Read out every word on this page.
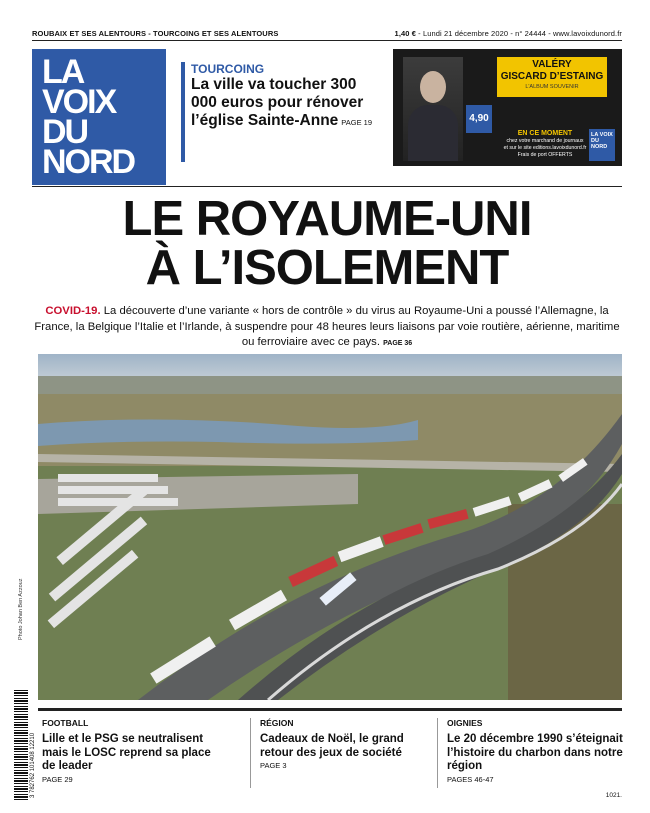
ROUBAIX ET SES ALENTOURS - TOURCOING ET SES ALENTOURS	1,40 € - Lundi 21 décembre 2020 - n° 24444 - www.lavoixdunord.fr
LA
VOIX
DU
NORD
TOURCOING
La ville va toucher 300 000 euros pour rénover l’église Sainte-Anne PAGE 19	4,90
VALÉRY
GISCARD D’ESTAING
L'ALBUM SOUVENIR
EN CE MOMENT
chez votre marchand de journaux
et sur le site editions.lavoixdunord.fr
Frais de port OFFERTS
LA VOIX DU NORD
LE ROYAUME-UNI
À L’ISOLEMENT
COVID-19. La découverte d’une variante « hors de contrôle » du virus au Royaume-Uni a poussé l’Allemagne, la France, la Belgique l’Italie et l’Irlande, à suspendre pour 48 heures leurs liaisons par voie routière, aérienne, maritime ou ferroviaire avec ce pays. PAGE 36
Photo Johan Ben Azzouz
3 782762 101408 12210
FOOTBALL
Lille et le PSG se neutralisent mais le LOSC reprend sa place de leader
PAGE 29
RÉGION
Cadeaux de Noël, le grand retour des jeux de société
PAGE 3
OIGNIES
Le 20 décembre 1990 s’éteignait l’histoire du charbon dans notre région
PAGES 46-47
1021.
